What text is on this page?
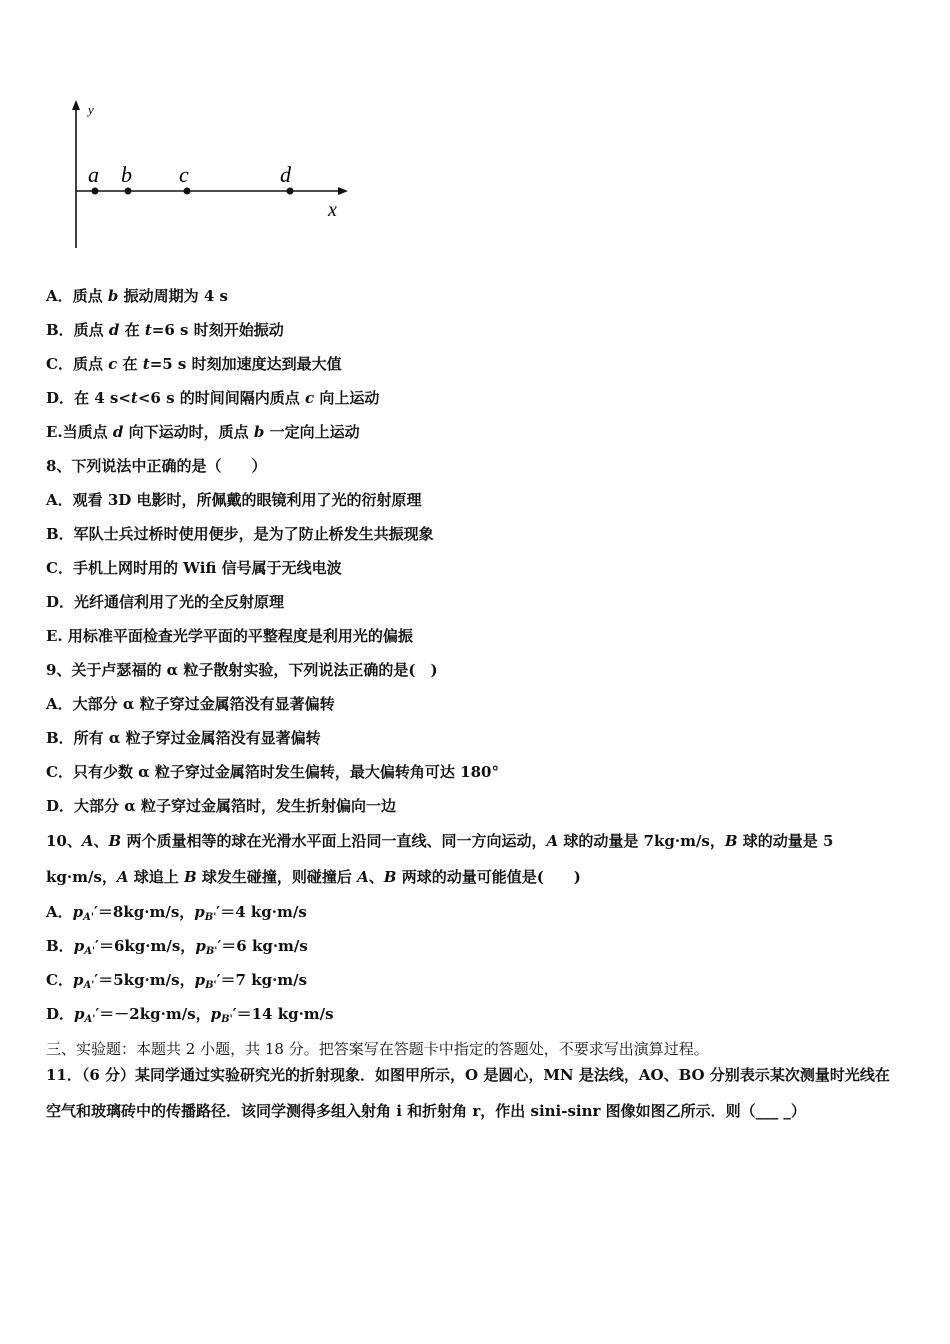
y
x
a b c	d
A．质点 b 振动周期为 4 s
B．质点 d 在 t=6 s 时刻开始振动
C．质点 c 在 t=5 s 时刻加速度达到最大值
D．在 4 s<t<6 s 的时间间隔内质点 c 向上运动
E.当质点 d 向下运动时，质点 b 一定向上运动
8、下列说法中正确的是（　　）
A．观看 3D 电影时，所佩戴的眼镜利用了光的衍射原理
B．军队士兵过桥时使用便步，是为了防止桥发生共振现象
C．手机上网时用的 Wifi 信号属于无线电波
D．光纤通信利用了光的全反射原理
E. 用标准平面检查光学平面的平整程度是利用光的偏振
9、关于卢瑟福的 α 粒子散射实验，下列说法正确的是(　)
A．大部分 α 粒子穿过金属箔没有显著偏转
B．所有 α 粒子穿过金属箔没有显著偏转
C．只有少数 α 粒子穿过金属箔时发生偏转，最大偏转角可达 180°
D．大部分 α 粒子穿过金属箔时，发生折射偏向一边
10、A、B 两个质量相等的球在光滑水平面上沿同一直线、同一方向运动，A 球的动量是 7kg·m/s，B 球的动量是 5 kg·m/s，A 球追上 B 球发生碰撞，则碰撞后 A、B 两球的动量可能值是(　　)
A．$p_{A'}'=8kg\cdot m/s$，$p_{B'}'=4$ kg·m/s
B．$p_{A'}'=6kg\cdot m/s$，$p_{B'}'=6$ kg·m/s
C．$p_{A'}'=5kg\cdot m/s$，$p_{B'}'=7$ kg·m/s
D．$p_{A'}'=-2kg\cdot m/s$，$p_{B'}'=14$ kg·m/s
三、实验题：本题共 2 小题，共 18 分。把答案写在答题卡中指定的答题处，不要求写出演算过程。
11．（6 分）某同学通过实验研究光的折射现象．如图甲所示，O 是圆心，MN 是法线，AO、BO 分别表示某次测量时光线在空气和玻璃砖中的传播路径．该同学测得多组入射角 i 和折射角 r，作出 sini-sinr 图像如图乙所示．则（___ _）
